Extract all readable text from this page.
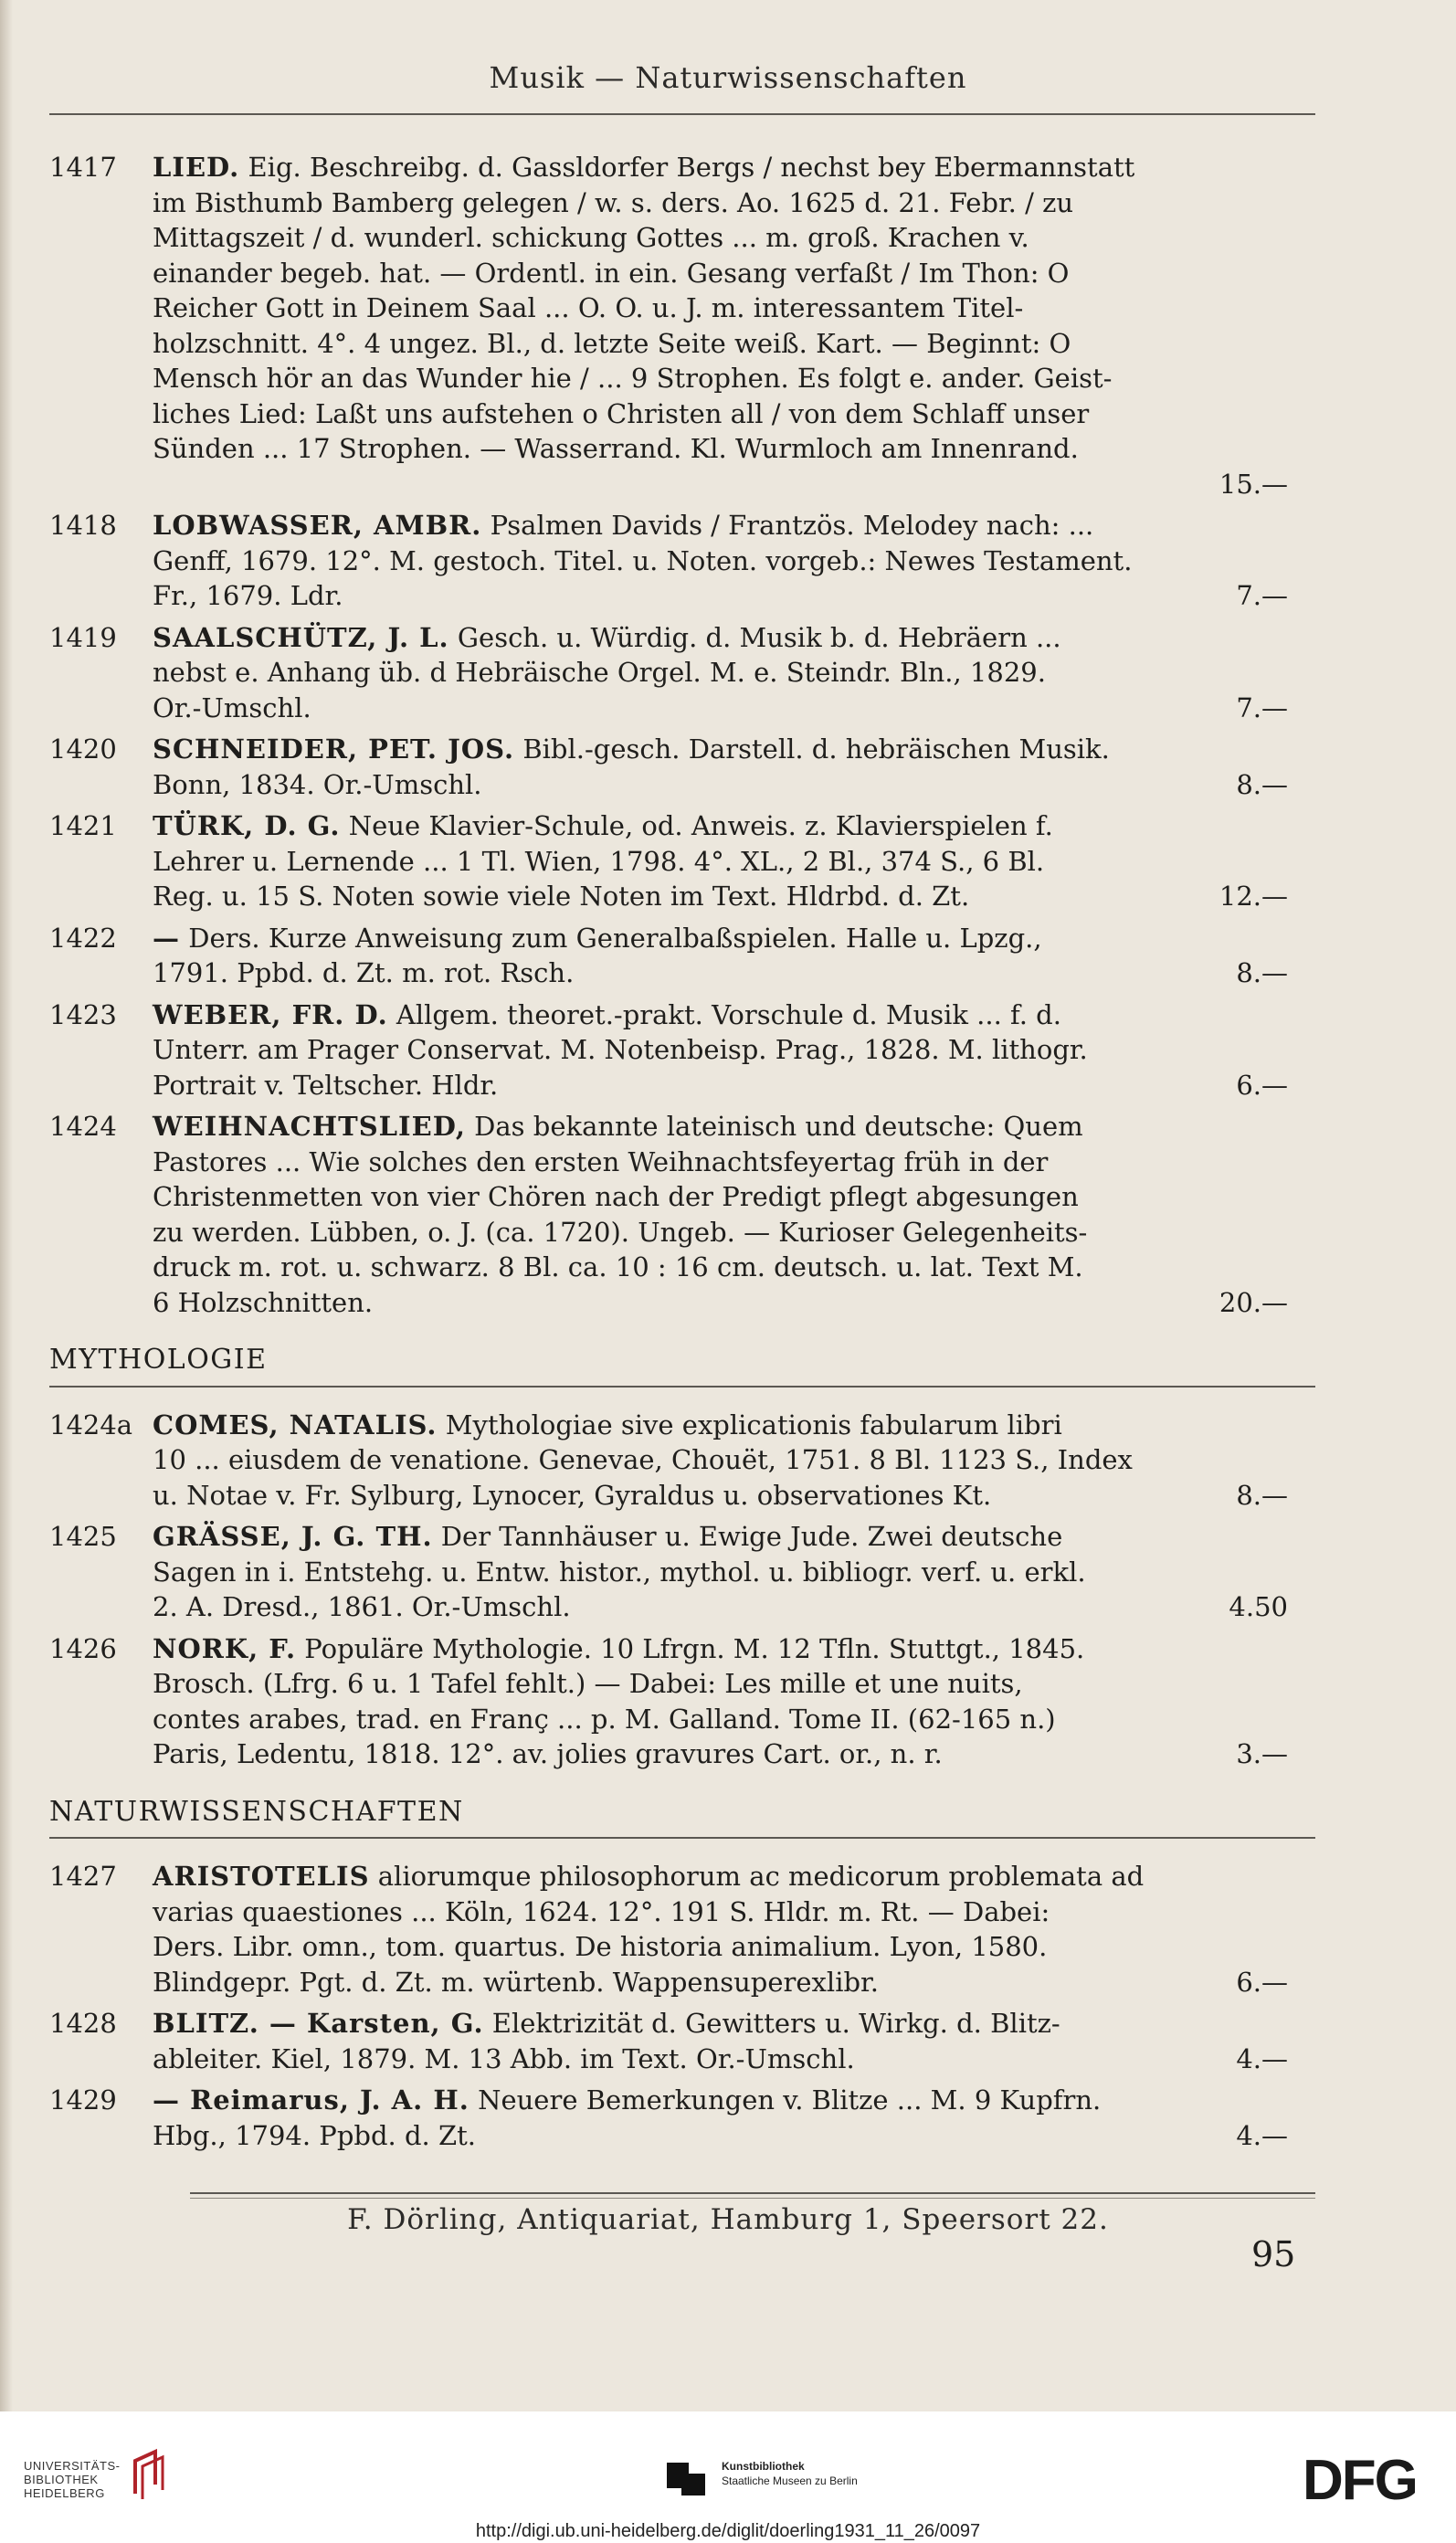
Musik — Naturwissenschaften
1417	LIED. Eig. Beschreibg. d. Gassldorfer Bergs / nechst bey Ebermannstatt
im Bisthumb Bamberg gelegen / w. s. ders. Ao. 1625 d. 21. Febr. / zu
Mittagszeit / d. wunderl. schickung Gottes ... m. groß. Krachen v.
einander begeb. hat. — Ordentl. in ein. Gesang verfaßt / Im Thon: O
Reicher Gott in Deinem Saal ... O. O. u. J. m. interessantem Titel-
holzschnitt. 4°. 4 ungez. Bl., d. letzte Seite weiß. Kart. — Beginnt: O
Mensch hör an das Wunder hie / ... 9 Strophen. Es folgt e. ander. Geist-
liches Lied: Laßt uns aufstehen o Christen all / von dem Schlaff unser
Sünden ... 17 Strophen. — Wasserrand. Kl. Wurmloch am Innenrand.
15.—
1418	LOBWASSER, AMBR. Psalmen Davids / Frantzös. Melodey nach: ...
Genff, 1679. 12°. M. gestoch. Titel. u. Noten. vorgeb.: Newes Testament.
Fr., 1679. Ldr.	7.—
1419	SAALSCHÜTZ, J. L. Gesch. u. Würdig. d. Musik b. d. Hebräern ...
nebst e. Anhang üb. d Hebräische Orgel. M. e. Steindr. Bln., 1829.
Or.-Umschl.	7.—
1420	SCHNEIDER, PET. JOS. Bibl.-gesch. Darstell. d. hebräischen Musik.
Bonn, 1834. Or.-Umschl.	8.—
1421	TÜRK, D. G. Neue Klavier-Schule, od. Anweis. z. Klavierspielen f.
Lehrer u. Lernende ... 1 Tl. Wien, 1798. 4°. XL., 2 Bl., 374 S., 6 Bl.
Reg. u. 15 S. Noten sowie viele Noten im Text. Hldrbd. d. Zt.	12.—
1422	— Ders. Kurze Anweisung zum Generalbaßspielen. Halle u. Lpzg.,
1791. Ppbd. d. Zt. m. rot. Rsch.	8.—
1423	WEBER, FR. D. Allgem. theoret.-prakt. Vorschule d. Musik ... f. d.
Unterr. am Prager Conservat. M. Notenbeisp. Prag., 1828. M. lithogr.
Portrait v. Teltscher. Hldr.	6.—
1424	WEIHNACHTSLIED, Das bekannte lateinisch und deutsche: Quem
Pastores ... Wie solches den ersten Weihnachtsfeyertag früh in der
Christenmetten von vier Chören nach der Predigt pflegt abgesungen
zu werden. Lübben, o. J. (ca. 1720). Ungeb. — Kurioser Gelegenheits-
druck m. rot. u. schwarz. 8 Bl. ca. 10 : 16 cm. deutsch. u. lat. Text M.
6 Holzschnitten.	20.—
MYTHOLOGIE
1424a COMES, NATALIS. Mythologiae sive explicationis fabularum libri
10 ... eiusdem de venatione. Genevae, Chouët, 1751. 8 Bl. 1123 S., Index
u. Notae v. Fr. Sylburg, Lynocer, Gyraldus u. observationes Kt.	8.—
1425	GRÄSSE, J. G. TH. Der Tannhäuser u. Ewige Jude. Zwei deutsche
Sagen in i. Entstehg. u. Entw. histor., mythol. u. bibliogr. verf. u. erkl.
2. A. Dresd., 1861. Or.-Umschl.	4.50
1426	NORK, F. Populäre Mythologie. 10 Lfrgn. M. 12 Tfln. Stuttgt., 1845.
Brosch. (Lfrg. 6 u. 1 Tafel fehlt.) — Dabei: Les mille et une nuits,
contes arabes, trad. en Franç ... p. M. Galland. Tome II. (62-165 n.)
Paris, Ledentu, 1818. 12°. av. jolies gravures Cart. or., n. r.	3.—
NATURWISSENSCHAFTEN
1427	ARISTOTELIS aliorumque philosophorum ac medicorum problemata ad
varias quaestiones ... Köln, 1624. 12°. 191 S. Hldr. m. Rt. — Dabei:
Ders. Libr. omn., tom. quartus. De historia animalium. Lyon, 1580.
Blindgepr. Pgt. d. Zt. m. würtenb. Wappensuperexlibr.	6.—
1428	BLITZ. — Karsten, G. Elektrizität d. Gewitters u. Wirkg. d. Blitz-
ableiter. Kiel, 1879. M. 13 Abb. im Text. Or.-Umschl.	4.—
1429	— Reimarus, J. A. H. Neuere Bemerkungen v. Blitze ... M. 9 Kupfrn.
Hbg., 1794. Ppbd. d. Zt.	4.—
F. Dörling, Antiquariat, Hamburg 1, Speersort 22.
95
UNIVERSITÄTS-
BIBLIOTHEK
HEIDELBERG
Kunstbibliothek
Staatliche Museen zu Berlin	DFG
http://digi.ub.uni-heidelberg.de/diglit/doerling1931_11_26/0097
